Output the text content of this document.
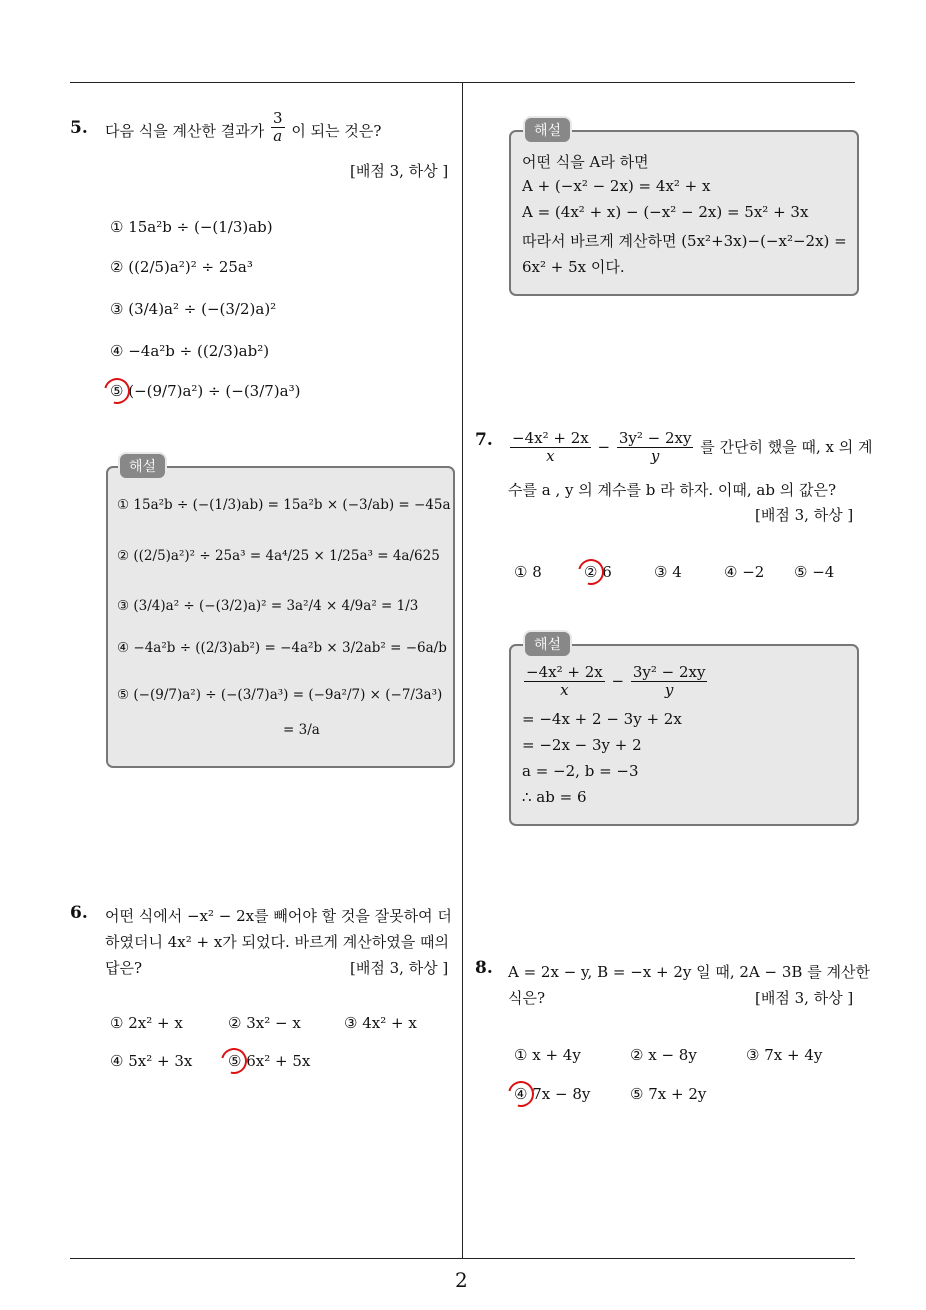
2
5. 다음 식을 계산한 결과가 $\frac{3}{a}$ 이 되는 것은?
[배점 3, 하상 ]
① 15a²b ÷ (−(1/3)ab)
② ((2/5)a²)² ÷ 25a³
③ (3/4)a² ÷ (−(3/2)a)²
④ −4a²b ÷ ((2/3)ab²)
⑤ (−(9/7)a²) ÷ (−(3/7)a³)
해설
① 15a²b ÷ (−(1/3)ab) = 15a²b × (−3/ab) = −45a
② ((2/5)a²)² ÷ 25a³ = 4a⁴/25 × 1/25a³ = 4a/625
③ (3/4)a² ÷ (−(3/2)a)² = 3a²/4 × 4/9a² = 1/3
④ −4a²b ÷ ((2/3)ab²) = −4a²b × 3/2ab² = −6a/b
⑤ (−(9/7)a²) ÷ (−(3/7)a³) = (−9a²/7) × (−7/3a³)
= 3/a
6. 어떤 식에서 −x² − 2x를 빼어야 할 것을 잘못하여 더
하였더니 4x² + x가 되었다. 바르게 계산하였을 때의
답은?	[배점 3, 하상 ]
① 2x² + x	② 3x² − x	③ 4x² + x
④ 5x² + 3x ⑤ 6x² + 5x
해설
어떤 식을 A라 하면
A + (−x² − 2x) = 4x² + x
A = (4x² + x) − (−x² − 2x) = 5x² + 3x
따라서 바르게 계산하면 (5x²+3x)−(−x²−2x) =
6x² + 5x 이다.
7. $\frac{\text{−4x² + 2x}}{x} - \frac{\text{3y² − 2xy}}{y}$ 를 간단히 했을 때, x 의 계
수를 a , y 의 계수를 b 라 하자. 이때, ab 의 값은?
[배점 3, 하상 ]
① 8	② 6	③ 4	④ −2 ⑤ −4
해설
$\frac{\text{−4x² + 2x}}{x} - \frac{\text{3y² − 2xy}}{y}$
= −4x + 2 − 3y + 2x
= −2x − 3y + 2
a = −2, b = −3
∴ ab = 6
8. A = 2x − y, B = −x + 2y 일 때, 2A − 3B 를 계산한
식은?	[배점 3, 하상 ]
① x + 4y	② x − 8y	③ 7x + 4y
④ 7x − 8y	⑤ 7x + 2y
